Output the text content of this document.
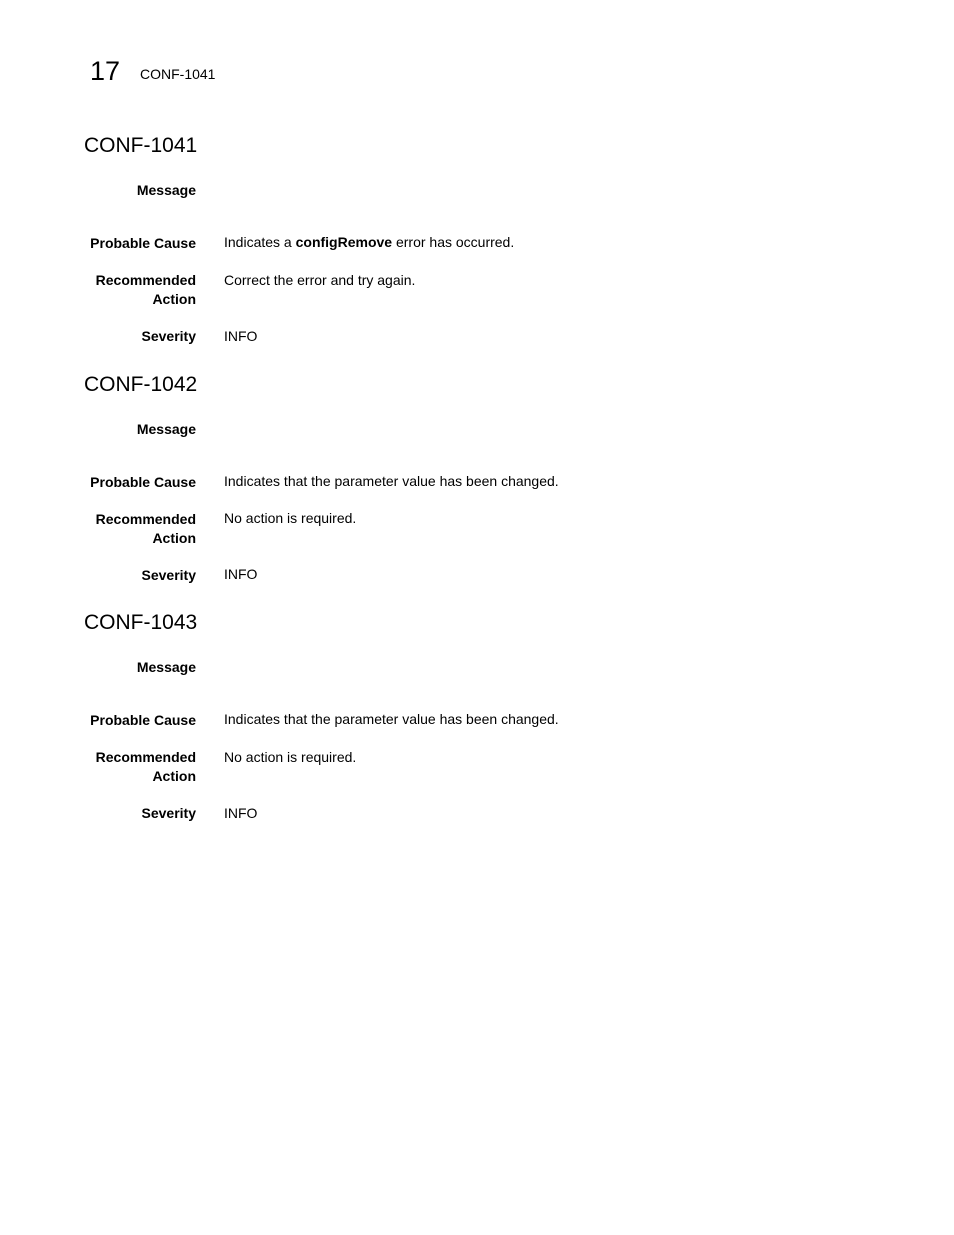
17 CONF-1041
CONF-1041
Message
Probable Cause Indicates a configRemove error has occurred.
Recommended
Action
Correct the error and try again.
Severity INFO
CONF-1042
Message
Probable Cause Indicates that the parameter value has been changed.
Recommended
Action
No action is required.
Severity INFO
CONF-1043
Message
Probable Cause Indicates that the parameter value has been changed.
Recommended
Action
No action is required.
Severity INFO
